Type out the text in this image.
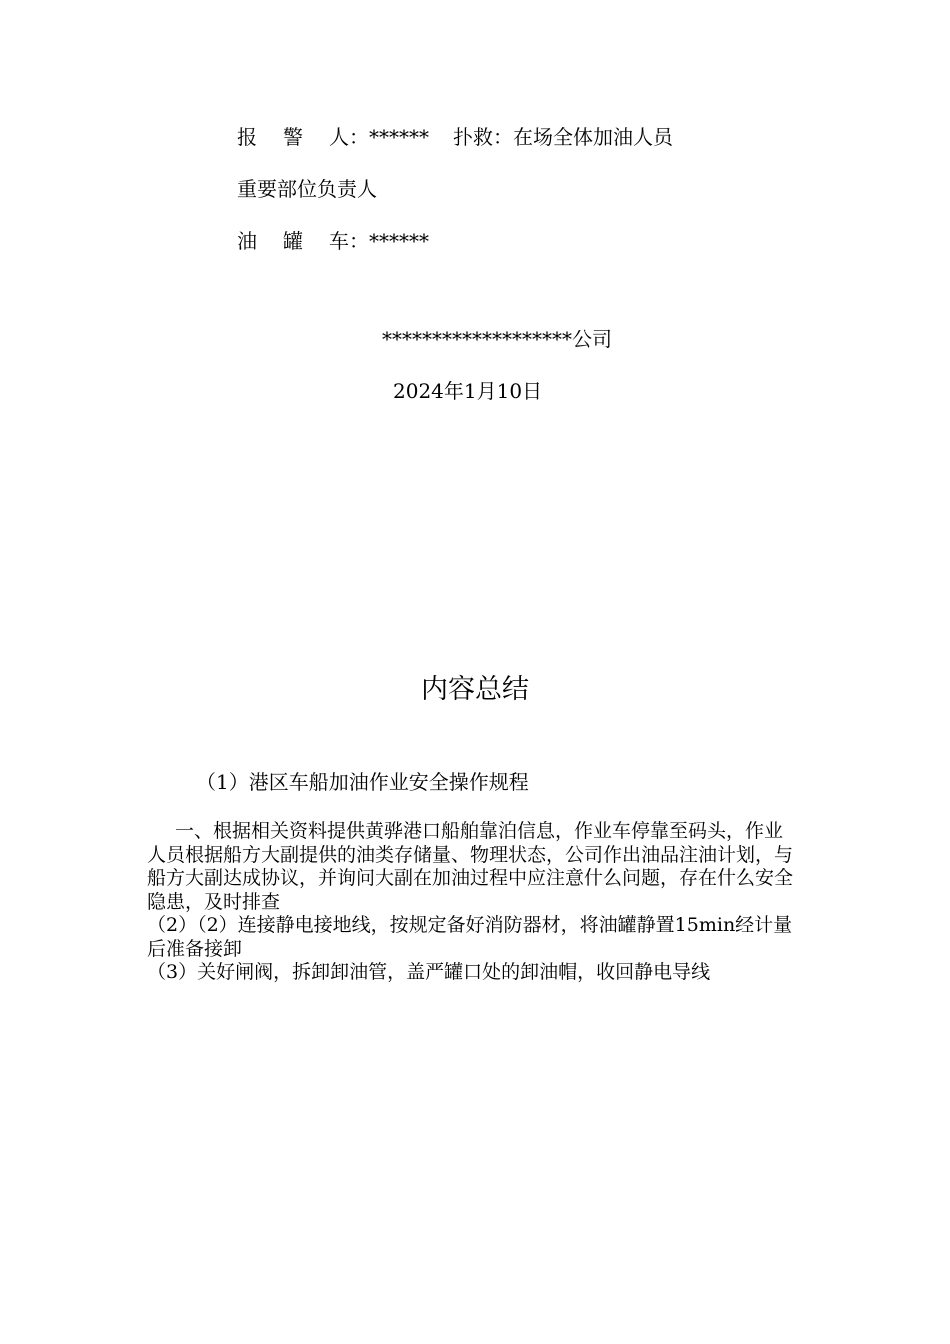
报 警 人：****** 扑救：在场全体加油人员
重要部位负责人
油 罐 车：******
*******************公司
2024年1月10日
内容总结
（1）港区车船加油作业安全操作规程

一、根据相关资料提供黄骅港口船舶靠泊信息，作业车停靠至码头，作业人员根据船方大副提供的油类存储量、物理状态，公司作出油品注油计划，与船方大副达成协议，并询问大副在加油过程中应注意什么问题，存在什么安全隐患，及时排查

（2）（2）连接静电接地线，按规定备好消防器材，将油罐静置15min经计量后准备接卸

（3）关好闸阀，拆卸卸油管，盖严罐口处的卸油帽，收回静电导线
